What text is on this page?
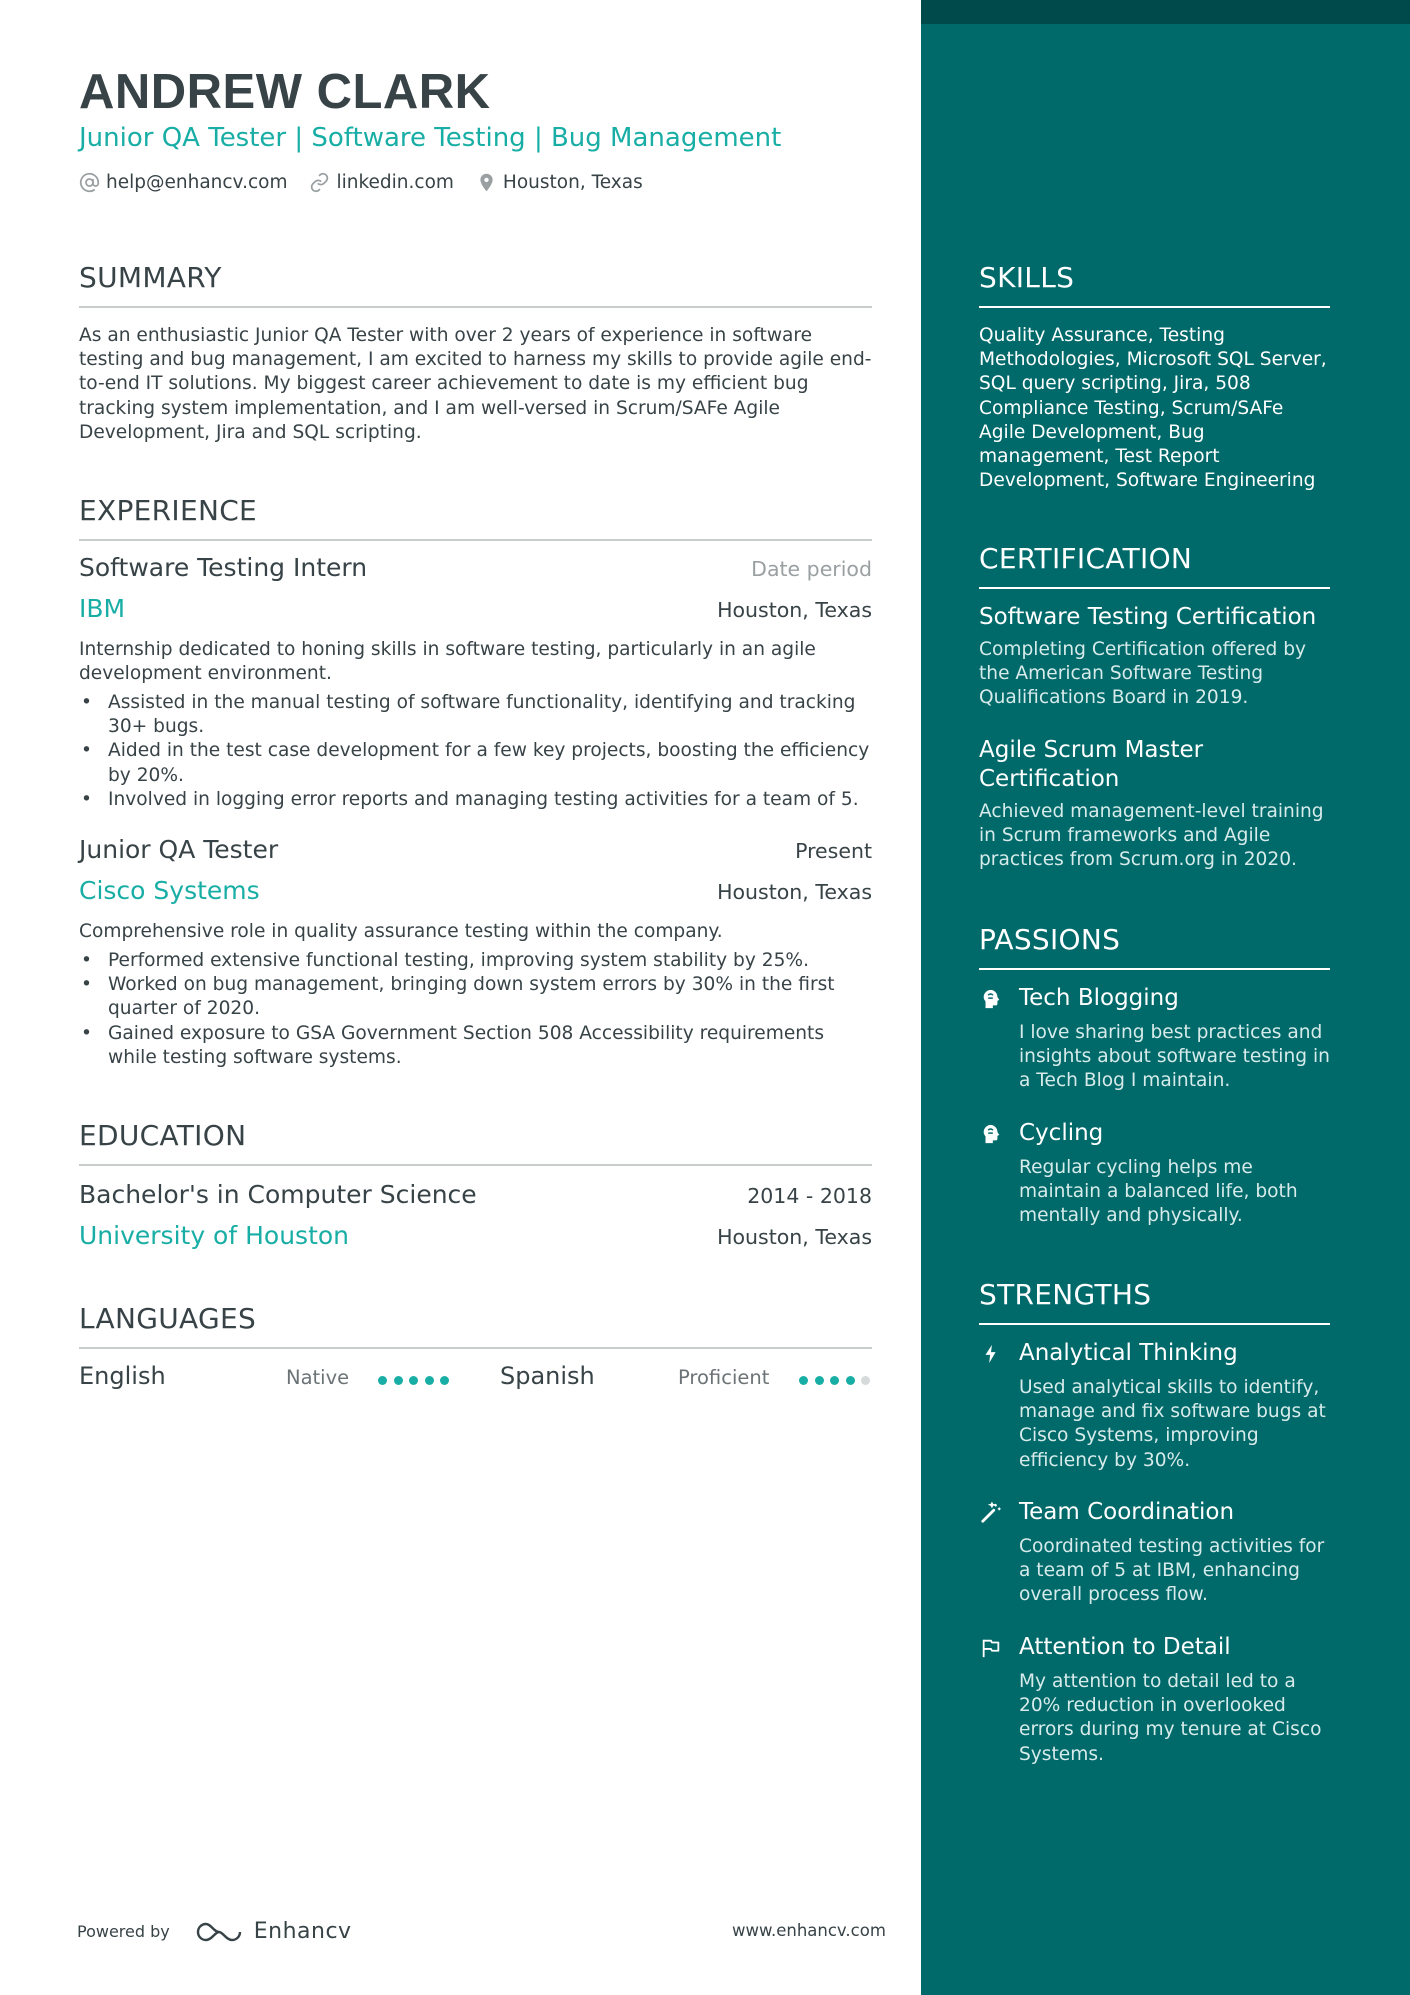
ANDREW CLARK
Junior QA Tester | Software Testing | Bug Management
help@enhancv.com	linkedin.com	Houston, Texas
SUMMARY
As an enthusiastic Junior QA Tester with over 2 years of experience in software testing and bug management, I am excited to harness my skills to provide agile end-to-end IT solutions. My biggest career achievement to date is my efficient bug tracking system implementation, and I am well-versed in Scrum/SAFe Agile Development, Jira and SQL scripting.
EXPERIENCE
Software Testing Intern	Date period
IBM	Houston, Texas
Internship dedicated to honing skills in software testing, particularly in an agile development environment.
• Assisted in the manual testing of software functionality, identifying and tracking 30+ bugs.
• Aided in the test case development for a few key projects, boosting the efficiency by 20%.
• Involved in logging error reports and managing testing activities for a team of 5.
Junior QA Tester	Present
Cisco Systems	Houston, Texas
Comprehensive role in quality assurance testing within the company.
• Performed extensive functional testing, improving system stability by 25%.
• Worked on bug management, bringing down system errors by 30% in the first quarter of 2020.
• Gained exposure to GSA Government Section 508 Accessibility requirements while testing software systems.
EDUCATION
Bachelor's in Computer Science	2014 - 2018
University of Houston	Houston, Texas
LANGUAGES
English	Native	Spanish	Proficient
Powered by	Enhancv	www.enhancv.com
SKILLS
Quality Assurance, Testing Methodologies, Microsoft SQL Server, SQL query scripting, Jira, 508 Compliance Testing, Scrum/SAFe Agile Development, Bug management, Test Report Development, Software Engineering
CERTIFICATION
Software Testing Certification
Completing Certification offered by the American Software Testing Qualifications Board in 2019.
Agile Scrum Master Certification
Achieved management-level training in Scrum frameworks and Agile practices from Scrum.org in 2020.
PASSIONS
Tech Blogging
I love sharing best practices and insights about software testing in a Tech Blog I maintain.
Cycling
Regular cycling helps me maintain a balanced life, both mentally and physically.
STRENGTHS
Analytical Thinking
Used analytical skills to identify, manage and fix software bugs at Cisco Systems, improving efficiency by 30%.
Team Coordination
Coordinated testing activities for a team of 5 at IBM, enhancing overall process flow.
Attention to Detail
My attention to detail led to a 20% reduction in overlooked errors during my tenure at Cisco Systems.
